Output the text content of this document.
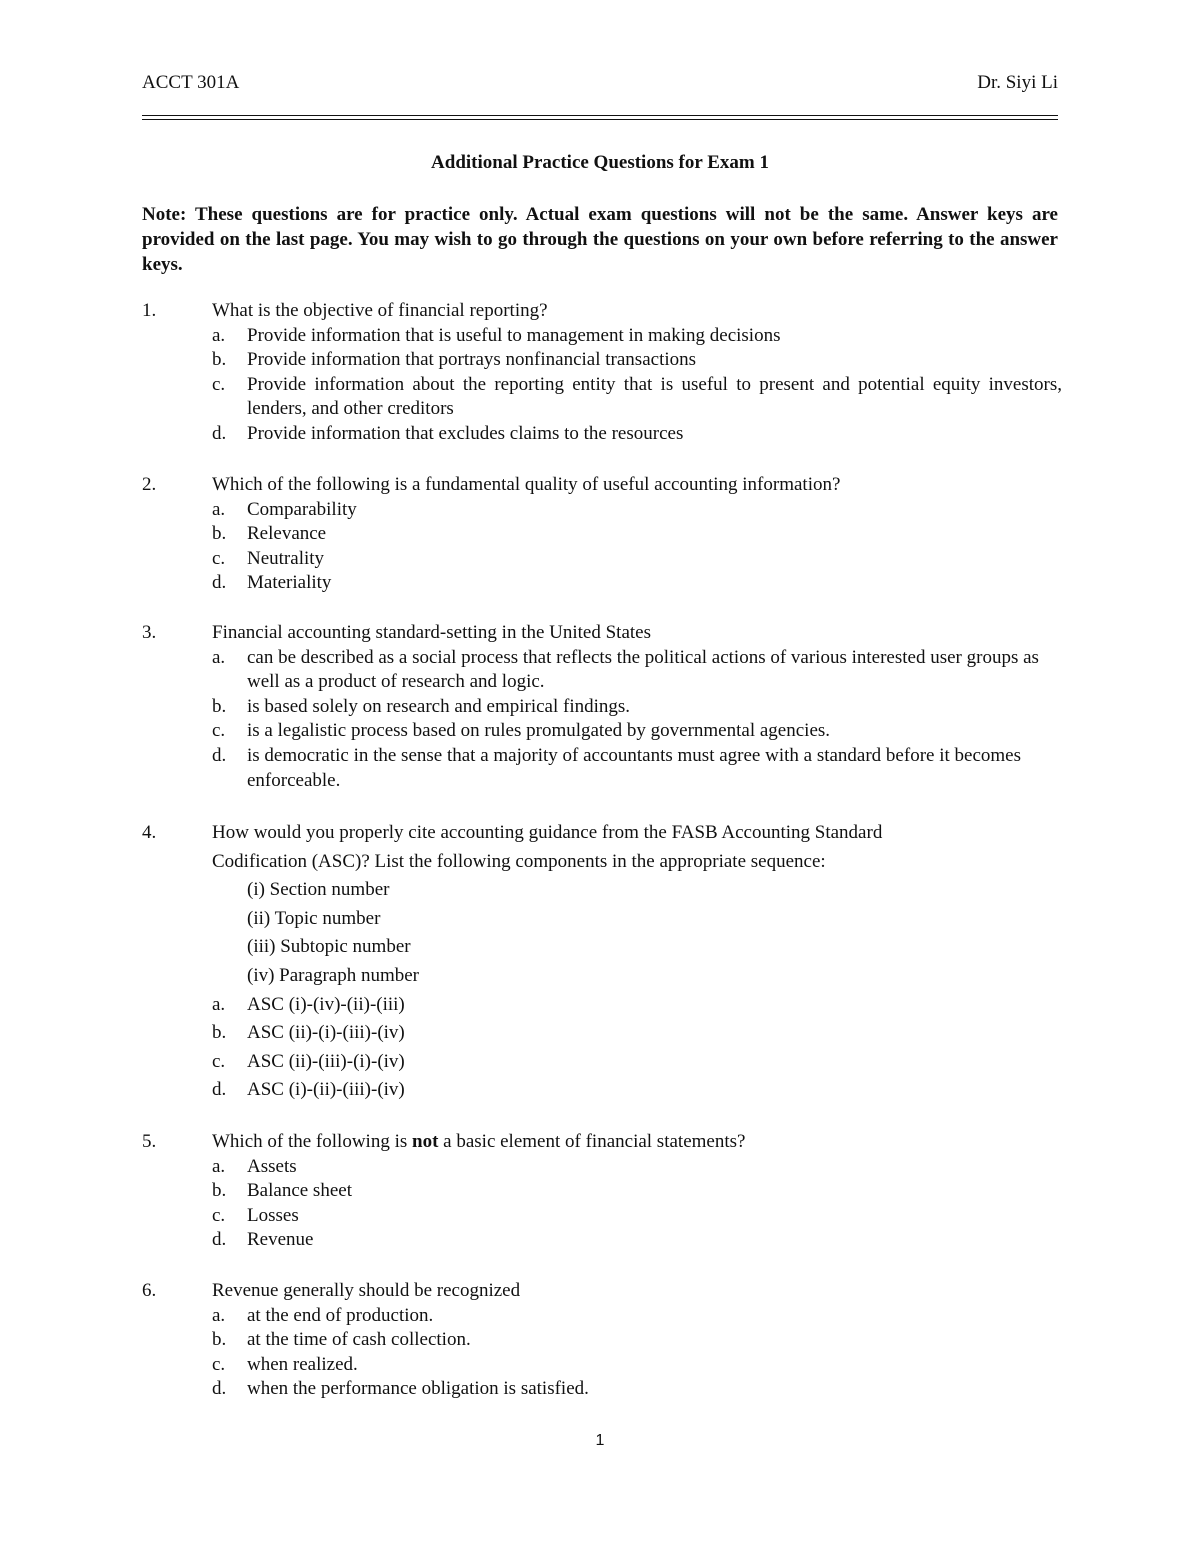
ACCT 301A	Dr. Siyi Li
Additional Practice Questions for Exam 1
Note: These questions are for practice only. Actual exam questions will not be the same. Answer keys are provided on the last page. You may wish to go through the questions on your own before referring to the answer keys.
1.	What is the objective of financial reporting?
a. Provide information that is useful to management in making decisions
b. Provide information that portrays nonfinancial transactions
c. Provide information about the reporting entity that is useful to present and potential equity investors, lenders, and other creditors
d. Provide information that excludes claims to the resources
2.	Which of the following is a fundamental quality of useful accounting information?
a. Comparability
b. Relevance
c. Neutrality
d. Materiality
3.	Financial accounting standard-setting in the United States
a. can be described as a social process that reflects the political actions of various interested user groups as well as a product of research and logic.
b. is based solely on research and empirical findings.
c. is a legalistic process based on rules promulgated by governmental agencies.
d. is democratic in the sense that a majority of accountants must agree with a standard before it becomes enforceable.
4.	How would you properly cite accounting guidance from the FASB Accounting Standard
Codification (ASC)? List the following components in the appropriate sequence:
(i) Section number
(ii) Topic number
(iii) Subtopic number
(iv) Paragraph number
a. ASC (i)-(iv)-(ii)-(iii)
b. ASC (ii)-(i)-(iii)-(iv)
c. ASC (ii)-(iii)-(i)-(iv)
d. ASC (i)-(ii)-(iii)-(iv)
5.	Which of the following is not a basic element of financial statements?
a. Assets
b. Balance sheet
c. Losses
d. Revenue
6.	Revenue generally should be recognized
a. at the end of production.
b. at the time of cash collection.
c. when realized.
d. when the performance obligation is satisfied.
1
